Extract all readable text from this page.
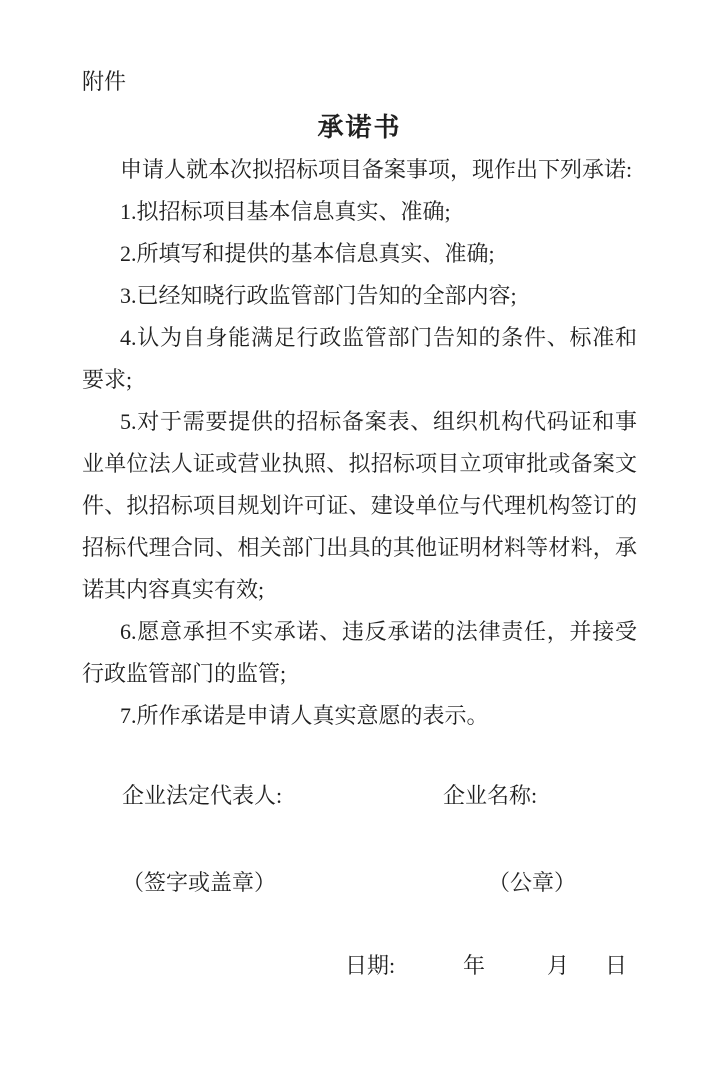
附件
承诺书

申请人就本次拟招标项目备案事项，现作出下列承诺:

1.拟招标项目基本信息真实、准确;

2.所填写和提供的基本信息真实、准确;

3.已经知晓行政监管部门告知的全部内容;

4.认为自身能满足行政监管部门告知的条件、标准和要求;

5.对于需要提供的招标备案表、组织机构代码证和事业单位法人证或营业执照、拟招标项目立项审批或备案文件、拟招标项目规划许可证、建设单位与代理机构签订的招标代理合同、相关部门出具的其他证明材料等材料，承诺其内容真实有效;

6.愿意承担不实承诺、违反承诺的法律责任，并接受行政监管部门的监管;

7.所作承诺是申请人真实意愿的表示。

企业法定代表人:	企业名称:
（签字或盖章）	（公章）
日期:	年	月 日
